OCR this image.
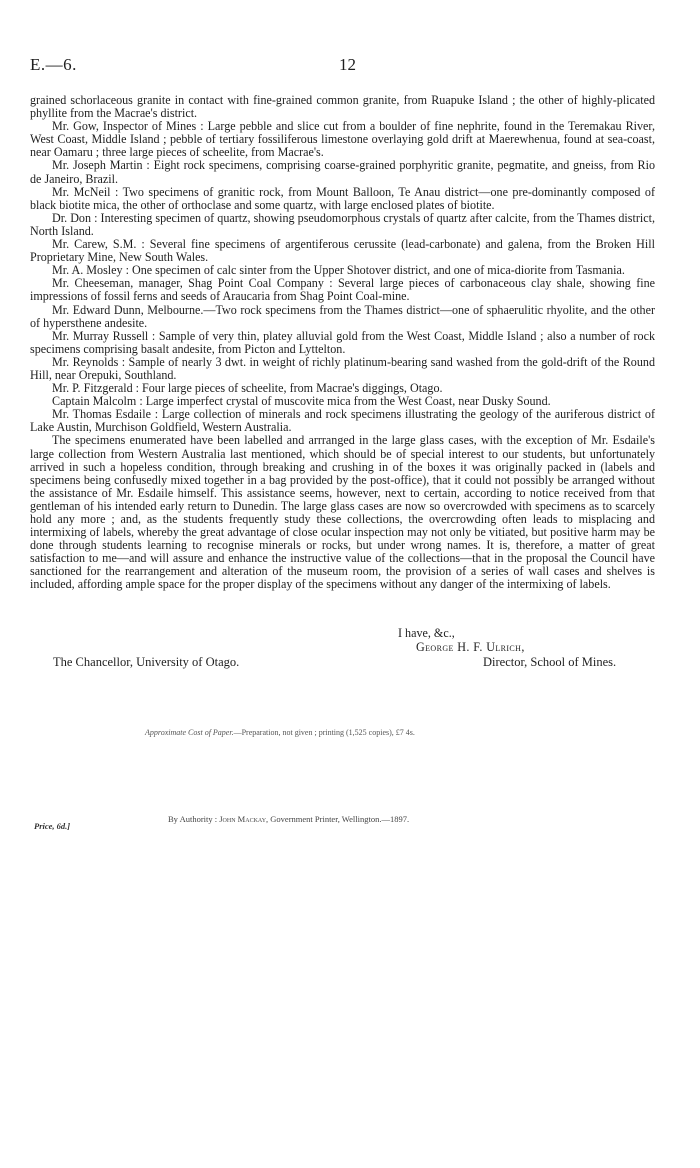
E.—6.	12

grained schorlaceous granite in contact with fine-grained common granite, from Ruapuke Island ; the other of highly-plicated phyllite from the Macrae's district.

Mr. Gow, Inspector of Mines : Large pebble and slice cut from a boulder of fine nephrite, found in the Teremakau River, West Coast, Middle Island ; pebble of tertiary fossiliferous limestone overlaying gold drift at Maerewhenua, found at sea-coast, near Oamaru ; three large pieces of scheelite, from Macrae's.

Mr. Joseph Martin : Eight rock specimens, comprising coarse-grained porphyritic granite, pegmatite, and gneiss, from Rio de Janeiro, Brazil.

Mr. McNeil : Two specimens of granitic rock, from Mount Balloon, Te Anau district—one pre-dominantly composed of black biotite mica, the other of orthoclase and some quartz, with large enclosed plates of biotite.

Dr. Don : Interesting specimen of quartz, showing pseudomorphous crystals of quartz after calcite, from the Thames district, North Island.

Mr. Carew, S.M. : Several fine specimens of argentiferous cerussite (lead-carbonate) and galena, from the Broken Hill Proprietary Mine, New South Wales.

Mr. A. Mosley : One specimen of calc sinter from the Upper Shotover district, and one of mica-diorite from Tasmania.

Mr. Cheeseman, manager, Shag Point Coal Company : Several large pieces of carbonaceous clay shale, showing fine impressions of fossil ferns and seeds of Araucaria from Shag Point Coal-mine.

Mr. Edward Dunn, Melbourne.—Two rock specimens from the Thames district—one of sphaerulitic rhyolite, and the other of hypersthene andesite.

Mr. Murray Russell : Sample of very thin, platey alluvial gold from the West Coast, Middle Island ; also a number of rock specimens comprising basalt andesite, from Picton and Lyttelton.

Mr. Reynolds : Sample of nearly 3 dwt. in weight of richly platinum-bearing sand washed from the gold-drift of the Round Hill, near Orepuki, Southland.

Mr. P. Fitzgerald : Four large pieces of scheelite, from Macrae's diggings, Otago.

Captain Malcolm : Large imperfect crystal of muscovite mica from the West Coast, near Dusky Sound.

Mr. Thomas Esdaile : Large collection of minerals and rock specimens illustrating the geology of the auriferous district of Lake Austin, Murchison Goldfield, Western Australia.

The specimens enumerated have been labelled and arrranged in the large glass cases, with the exception of Mr. Esdaile's large collection from Western Australia last mentioned, which should be of special interest to our students, but unfortunately arrived in such a hopeless condition, through breaking and crushing in of the boxes it was originally packed in (labels and specimens being confusedly mixed together in a bag provided by the post-office), that it could not possibly be arranged without the assistance of Mr. Esdaile himself. This assistance seems, however, next to certain, according to notice received from that gentleman of his intended early return to Dunedin. The large glass cases are now so overcrowded with specimens as to scarcely hold any more ; and, as the students frequently study these collections, the overcrowding often leads to misplacing and intermixing of labels, whereby the great advantage of close ocular inspection may not only be vitiated, but positive harm may be done through students learning to recognise minerals or rocks, but under wrong names. It is, therefore, a matter of great satisfaction to me—and will assure and enhance the instructive value of the collections—that in the proposal the Council have sanctioned for the rearrangement and alteration of the museum room, the provision of a series of wall cases and shelves is included, affording ample space for the proper display of the specimens without any danger of the intermixing of labels.

I have, &c.,
George H. F. Ulrich,
The Chancellor, University of Otago.	Director, School of Mines.
Approximate Cost of Paper.—Preparation, not given ; printing (1,525 copies), £7 4s.
Price, 6d.]
By Authority : John Mackay, Government Printer, Wellington.—1897.
